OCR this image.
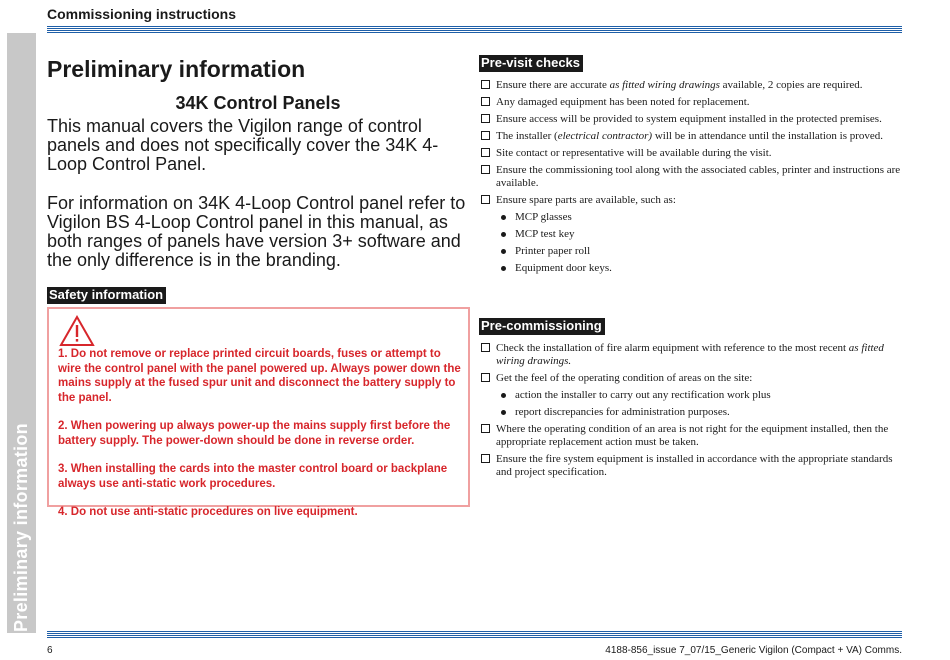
Commissioning instructions
Preliminary information
Preliminary information
34K Control Panels
This manual covers the Vigilon range of control panels and does not specifically cover the 34K 4-Loop Control Panel.
For information on 34K 4-Loop Control panel refer to Vigilon BS 4-Loop Control panel in this manual, as both ranges of panels have version 3+ software and the only difference is in the branding.
Safety information
1. Do not remove or replace printed circuit boards, fuses or attempt to wire the control panel with the panel powered up. Always power down the mains supply at the fused spur unit and disconnect the battery supply to the panel.
2. When powering up always power-up the mains supply first before the battery supply. The power-down should be done in reverse order.
3. When installing the cards into the master control board or backplane always use anti-static work procedures.
4. Do not use anti-static procedures on live equipment.
Pre-visit checks
Ensure there are accurate as fitted wiring drawings available, 2 copies are required.
Any damaged equipment has been noted for replacement.
Ensure access will be provided to system equipment installed in the protected premises.
The installer (electrical contractor) will be in attendance until the installation is proved.
Site contact or representative will be available during the visit.
Ensure the commissioning tool along with the associated cables, printer and instructions are available.
Ensure spare parts are available, such as:
MCP glasses
MCP test key
Printer paper roll
Equipment door keys.
Pre-commissioning
Check the installation of fire alarm equipment with reference to the most recent as fitted wiring drawings.
Get the feel of the operating condition of areas on the site:
action the installer to carry out any rectification work plus
report discrepancies for administration purposes.
Where the operating condition of an area is not right for the equipment installed, then the appropriate replacement action must be taken.
Ensure the fire system equipment is installed in accordance with the appropriate standards and project specification.
6	4188-856_issue 7_07/15_Generic Vigilon (Compact + VA) Comms.
